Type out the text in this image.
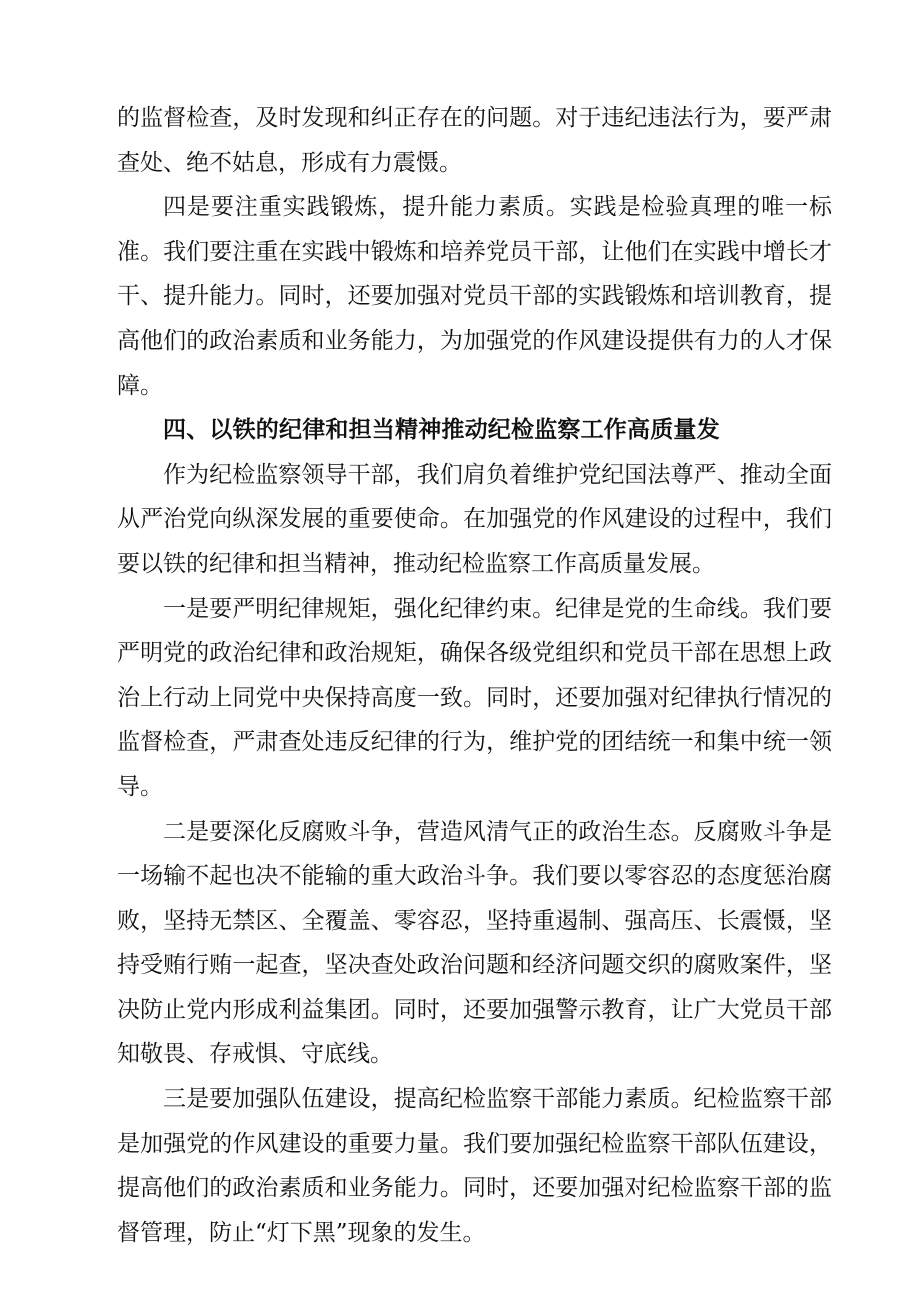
的监督检查，及时发现和纠正存在的问题。对于违纪违法行为，要严肃查处、绝不姑息，形成有力震慑。

四是要注重实践锻炼，提升能力素质。实践是检验真理的唯一标准。我们要注重在实践中锻炼和培养党员干部，让他们在实践中增长才干、提升能力。同时，还要加强对党员干部的实践锻炼和培训教育，提高他们的政治素质和业务能力，为加强党的作风建设提供有力的人才保障。

四、以铁的纪律和担当精神推动纪检监察工作高质量发

作为纪检监察领导干部，我们肩负着维护党纪国法尊严、推动全面从严治党向纵深发展的重要使命。在加强党的作风建设的过程中，我们要以铁的纪律和担当精神，推动纪检监察工作高质量发展。

一是要严明纪律规矩，强化纪律约束。纪律是党的生命线。我们要严明党的政治纪律和政治规矩，确保各级党组织和党员干部在思想上政治上行动上同党中央保持高度一致。同时，还要加强对纪律执行情况的监督检查，严肃查处违反纪律的行为，维护党的团结统一和集中统一领导。

二是要深化反腐败斗争，营造风清气正的政治生态。反腐败斗争是一场输不起也决不能输的重大政治斗争。我们要以零容忍的态度惩治腐败，坚持无禁区、全覆盖、零容忍，坚持重遏制、强高压、长震慑，坚持受贿行贿一起查，坚决查处政治问题和经济问题交织的腐败案件，坚决防止党内形成利益集团。同时，还要加强警示教育，让广大党员干部知敬畏、存戒惧、守底线。

三是要加强队伍建设，提高纪检监察干部能力素质。纪检监察干部是加强党的作风建设的重要力量。我们要加强纪检监察干部队伍建设，提高他们的政治素质和业务能力。同时，还要加强对纪检监察干部的监督管理，防止“灯下黑”现象的发生。
